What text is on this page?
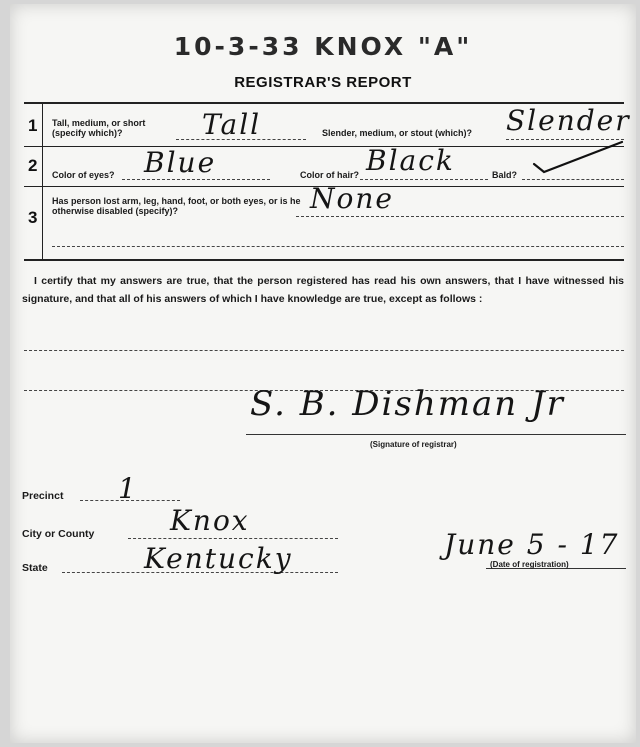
10-3-33 KNOX "A"
REGISTRAR'S REPORT
1 Tall, medium, or short (specify which)?	Tall	Slender, medium, or stout (which)?	Slender
2 Color of eyes? Blue	Color of hair? Black	Bald?
3
Has person lost arm, leg, hand, foot, or both eyes, or is he otherwise disabled (specify)?	None
I certify that my answers are true, that the person registered has read his own answers, that I have witnessed his signature, and that all of his answers of which I have knowledge are true, except as follows :
S. B. Dishman Jr
(Signature of registrar)
Precinct 1
City or County	Knox
State	Kentucky	June 5 - 17
(Date of registration)
